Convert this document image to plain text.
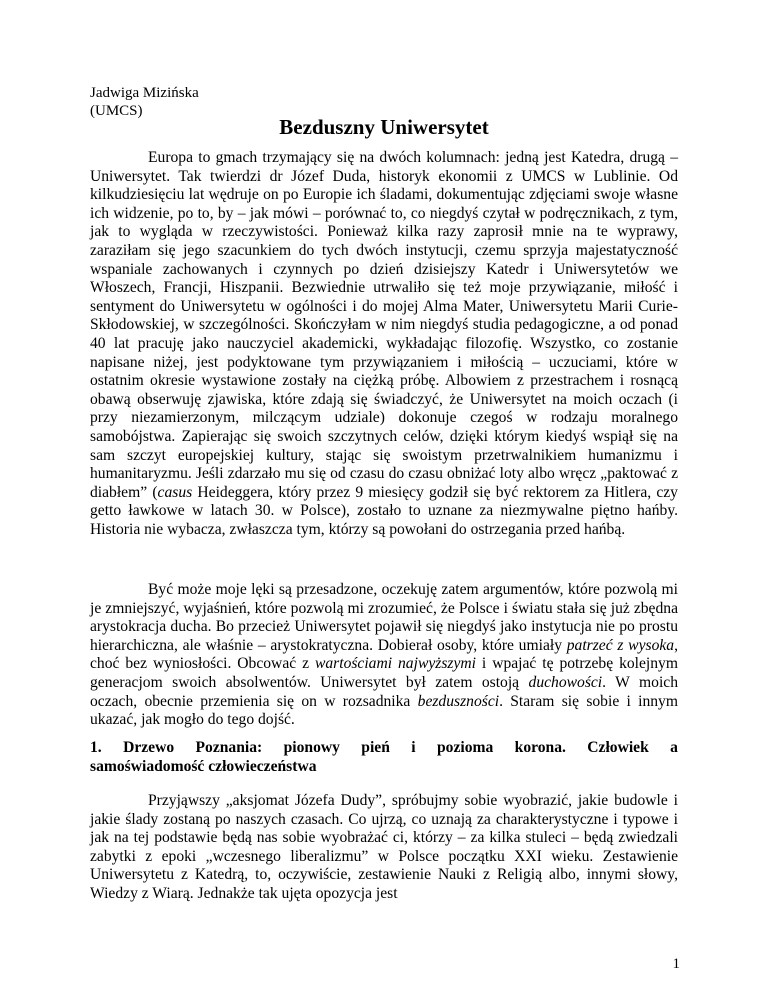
Jadwiga Mizińska
(UMCS)
Bezduszny Uniwersytet

Europa to gmach trzymający się na dwóch kolumnach: jedną jest Katedra, drugą – Uniwersytet. Tak twierdzi dr Józef Duda, historyk ekonomii z UMCS w Lublinie. Od kilkudziesięciu lat wędruje on po Europie ich śladami, dokumentując zdjęciami swoje własne ich widzenie, po to, by – jak mówi – porównać to, co niegdyś czytał w podręcznikach, z tym, jak to wygląda w rzeczywistości. Ponieważ kilka razy zaprosił mnie na te wyprawy, zaraziłam się jego szacunkiem do tych dwóch instytucji, czemu sprzyja majestatyczność wspaniale zachowanych i czynnych po dzień dzisiejszy Katedr i Uniwersytetów we Włoszech, Francji, Hiszpanii. Bezwiednie utrwaliło się też moje przywiązanie, miłość i sentyment do Uniwersytetu w ogólności i do mojej Alma Mater, Uniwersytetu Marii Curie-Skłodowskiej, w szczególności. Skończyłam w nim niegdyś studia pedagogiczne, a od ponad 40 lat pracuję jako nauczyciel akademicki, wykładając filozofię. Wszystko, co zostanie napisane niżej, jest podyktowane tym przywiązaniem i miłością – uczuciami, które w ostatnim okresie wystawione zostały na ciężką próbę. Albowiem z przestrachem i rosnącą obawą obserwuję zjawiska, które zdają się świadczyć, że Uniwersytet na moich oczach (i przy niezamierzonym, milczącym udziale) dokonuje czegoś w rodzaju moralnego samobójstwa. Zapierając się swoich szczytnych celów, dzięki którym kiedyś wspiął się na sam szczyt europejskiej kultury, stając się swoistym przetrwalnikiem humanizmu i humanitaryzmu. Jeśli zdarzało mu się od czasu do czasu obniżać loty albo wręcz „paktować z diabłem” (casus Heideggera, który przez 9 miesięcy godził się być rektorem za Hitlera, czy getto ławkowe w latach 30. w Polsce), zostało to uznane za niezmywalne piętno hańby. Historia nie wybacza, zwłaszcza tym, którzy są powołani do ostrzegania przed hańbą.

Być może moje lęki są przesadzone, oczekuję zatem argumentów, które pozwolą mi je zmniejszyć, wyjaśnień, które pozwolą mi zrozumieć, że Polsce i światu stała się już zbędna arystokracja ducha. Bo przecież Uniwersytet pojawił się niegdyś jako instytucja nie po prostu hierarchiczna, ale właśnie – arystokratyczna. Dobierał osoby, które umiały patrzeć z wysoka, choć bez wyniosłości. Obcować z wartościami najwyższymi i wpajać tę potrzebę kolejnym generacjom swoich absolwentów. Uniwersytet był zatem ostoją duchowości. W moich oczach, obecnie przemienia się on w rozsadnika bezduszności. Staram się sobie i innym ukazać, jak mogło do tego dojść.

1. Drzewo Poznania: pionowy pień i pozioma korona. Człowiek a
samoświadomość człowieczeństwa

Przyjąwszy „aksjomat Józefa Dudy”, spróbujmy sobie wyobrazić, jakie budowle i jakie ślady zostaną po naszych czasach. Co ujrzą, co uznają za charakterystyczne i typowe i jak na tej podstawie będą nas sobie wyobrażać ci, którzy – za kilka stuleci – będą zwiedzali zabytki z epoki „wczesnego liberalizmu” w Polsce początku XXI wieku. Zestawienie Uniwersytetu z Katedrą, to, oczywiście, zestawienie Nauki z Religią albo, innymi słowy, Wiedzy z Wiarą. Jednakże tak ujęta opozycja jest

1
